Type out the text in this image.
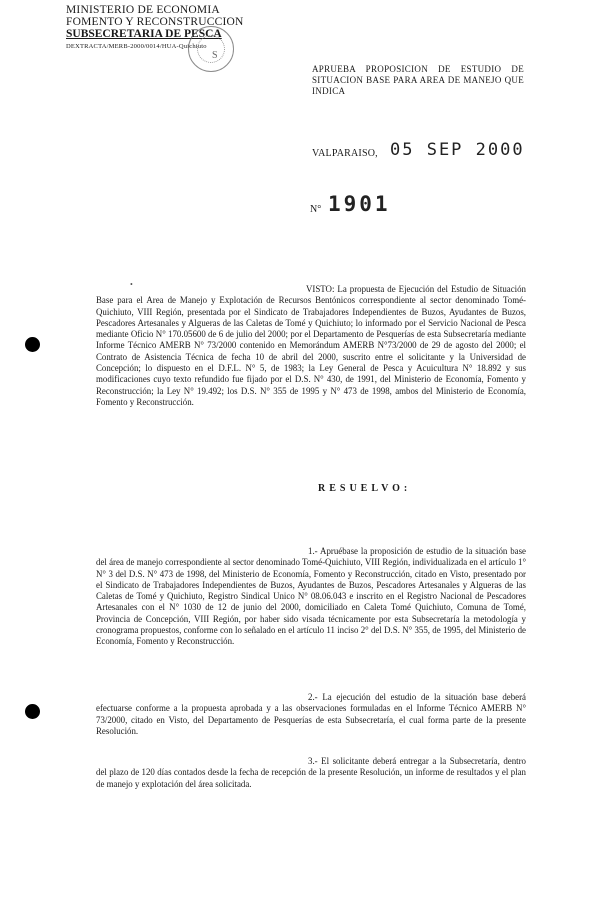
MINISTERIO DE ECONOMIA
FOMENTO Y RECONSTRUCCION
SUBSECRETARIA DE PESCA
DEXTRACTA/MERB-2000/0014/HUA-Quichiuto
S
APRUEBA PROPOSICION DE ESTUDIO DE SITUACION BASE PARA AREA DE MANEJO QUE INDICA
VALPARAISO, 05 SEP 2000
N° 1901
•	VISTO: La propuesta de Ejecución del Estudio de Situación Base para el Area de Manejo y Explotación de Recursos Bentónicos correspondiente al sector denominado Tomé-Quichiuto, VIII Región, presentada por el Sindicato de Trabajadores Independientes de Buzos, Ayudantes de Buzos, Pescadores Artesanales y Algueras de las Caletas de Tomé y Quichiuto; lo informado por el Servicio Nacional de Pesca mediante Oficio N° 170.05600 de 6 de julio del 2000; por el Departamento de Pesquerías de esta Subsecretaría mediante Informe Técnico AMERB N° 73/2000 contenido en Memorándum AMERB N°73/2000 de 29 de agosto del 2000; el Contrato de Asistencia Técnica de fecha 10 de abril del 2000, suscrito entre el solicitante y la Universidad de Concepción; lo dispuesto en el D.F.L. N° 5, de 1983; la Ley General de Pesca y Acuicultura N° 18.892 y sus modificaciones cuyo texto refundido fue fijado por el D.S. N° 430, de 1991, del Ministerio de Economía, Fomento y Reconstrucción; la Ley N° 19.492; los D.S. N° 355 de 1995 y N° 473 de 1998, ambos del Ministerio de Economía, Fomento y Reconstrucción.
RESUELVO:
1.- Apruébase la proposición de estudio de la situación base del área de manejo correspondiente al sector denominado Tomé-Quichiuto, VIII Región, individualizada en el artículo 1° N° 3 del D.S. N° 473 de 1998, del Ministerio de Economía, Fomento y Reconstrucción, citado en Visto, presentado por el Sindicato de Trabajadores Independientes de Buzos, Ayudantes de Buzos, Pescadores Artesanales y Algueras de las Caletas de Tomé y Quichiuto, Registro Sindical Unico N° 08.06.043 e inscrito en el Registro Nacional de Pescadores Artesanales con el N° 1030 de 12 de junio del 2000, domiciliado en Caleta Tomé Quichiuto, Comuna de Tomé, Provincia de Concepción, VIII Región, por haber sido visada técnicamente por esta Subsecretaría la metodología y cronograma propuestos, conforme con lo señalado en el artículo 11 inciso 2° del D.S. N° 355, de 1995, del Ministerio de Economía, Fomento y Reconstrucción.
2.- La ejecución del estudio de la situación base deberá efectuarse conforme a la propuesta aprobada y a las observaciones formuladas en el Informe Técnico AMERB N° 73/2000, citado en Visto, del Departamento de Pesquerías de esta Subsecretaría, el cual forma parte de la presente Resolución.
3.- El solicitante deberá entregar a la Subsecretaría, dentro del plazo de 120 días contados desde la fecha de recepción de la presente Resolución, un informe de resultados y el plan de manejo y explotación del área solicitada.
